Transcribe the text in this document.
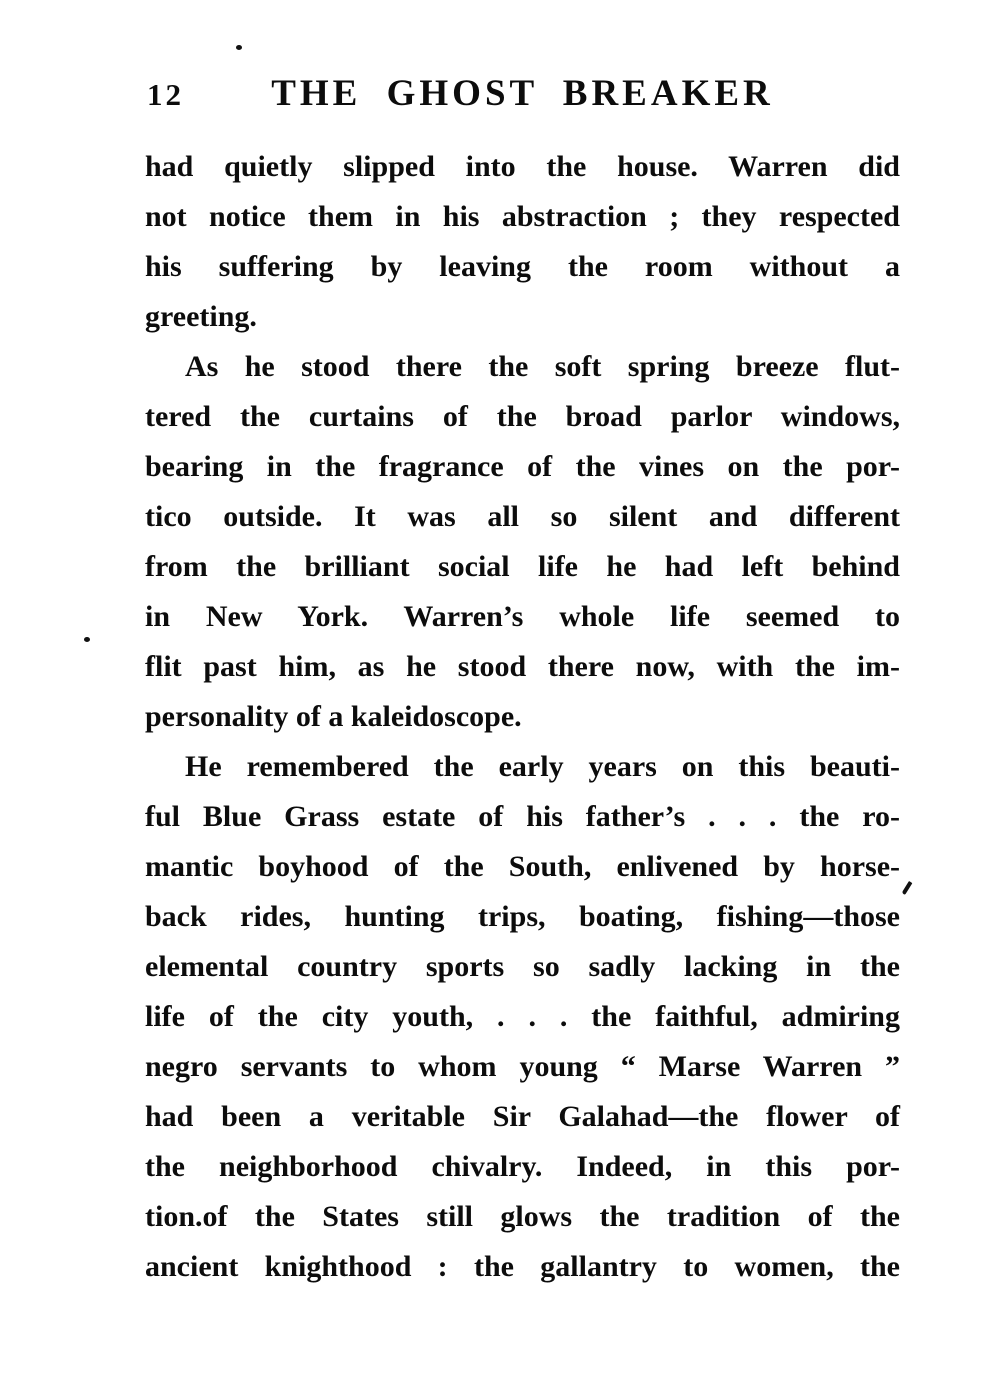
12	THE GHOST BREAKER
had quietly slipped into the house. Warren did
not notice them in his abstraction ; they respected
his suffering by leaving the room without a
greeting.
As he stood there the soft spring breeze flut-
tered the curtains of the broad parlor windows,
bearing in the fragrance of the vines on the por-
tico outside. It was all so silent and different
from the brilliant social life he had left behind
in New York. Warren’s whole life seemed to
flit past him, as he stood there now, with the im-
personality of a kaleidoscope.
He remembered the early years on this beauti-
ful Blue Grass estate of his father’s . . . the ro-
mantic boyhood of the South, enlivened by horse-
back rides, hunting trips, boating, fishing—those
elemental country sports so sadly lacking in the
life of the city youth, . . . the faithful, admiring
negro servants to whom young “ Marse Warren ”
had been a veritable Sir Galahad—the flower of
the neighborhood chivalry. Indeed, in this por-
tion.of the States still glows the tradition of the
ancient knighthood : the gallantry to women, the
